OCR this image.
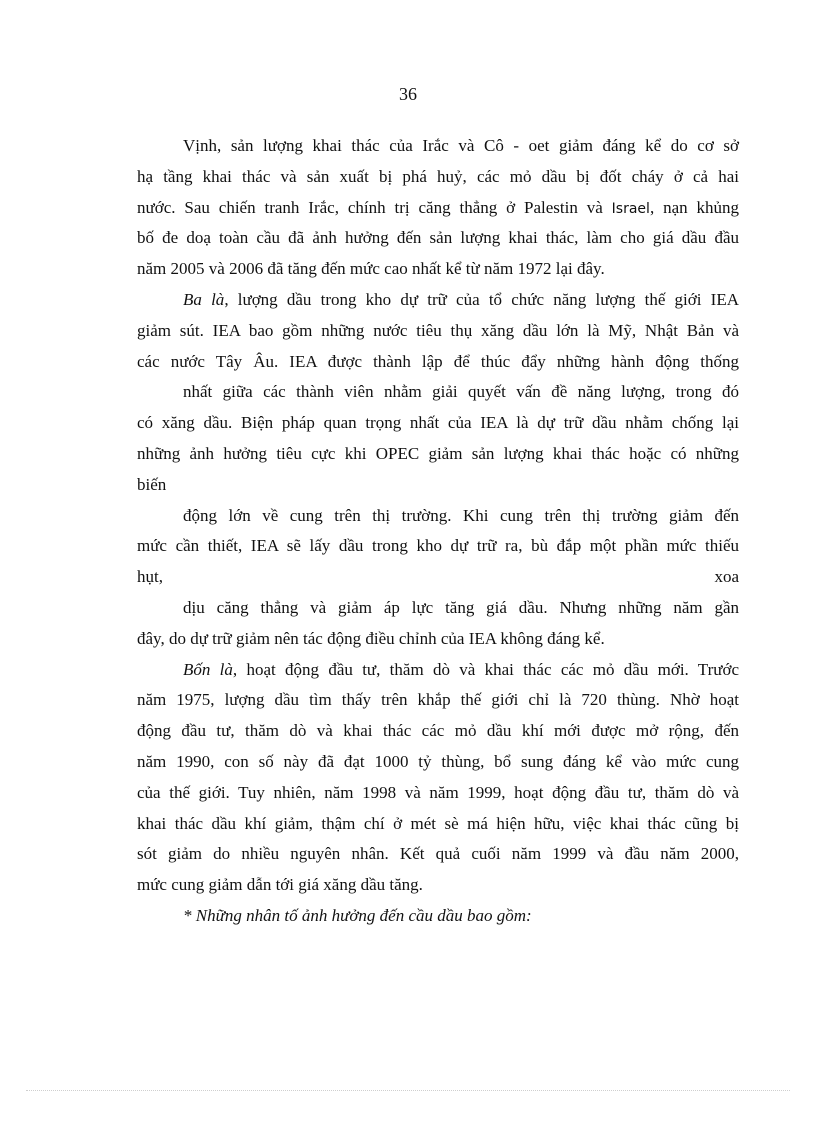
36
Vịnh, sản lượng khai thác của Irắc và Cô - oet giảm đáng kể do cơ sở
hạ tầng khai thác và sản xuất bị phá huỷ, các mỏ dầu bị đốt cháy ở cả hai
nước. Sau chiến tranh Irắc, chính trị căng thẳng ở Palestin và Israel, nạn khủng
bố đe doạ toàn cầu đã ảnh hưởng đến sản lượng khai thác, làm cho giá dầu đầu
năm 2005 và 2006 đã tăng đến mức cao nhất kể từ năm 1972 lại đây.
Ba là, lượng dầu trong kho dự trữ của tổ chức năng lượng thế giới IEA
giảm sút. IEA bao gồm những nước tiêu thụ xăng dầu lớn là Mỹ, Nhật Bản và
các nước Tây Âu. IEA được thành lập để thúc đẩy những hành động thống
nhất giữa các thành viên nhằm giải quyết vấn đề năng lượng, trong đó
có xăng dầu. Biện pháp quan trọng nhất của IEA là dự trữ dầu nhằm chống lại
những ảnh hưởng tiêu cực khi OPEC giảm sản lượng khai thác hoặc có những
biến
động lớn về cung trên thị trường. Khi cung trên thị trường giảm đến
mức cần thiết, IEA sẽ lấy dầu trong kho dự trữ ra, bù đắp một phần mức thiếu
hụt,	xoa
dịu căng thẳng và giảm áp lực tăng giá dầu. Nhưng những năm gần
đây, do dự trữ giảm nên tác động điều chỉnh của IEA không đáng kể.
Bốn là, hoạt động đầu tư, thăm dò và khai thác các mỏ dầu mới. Trước
năm 1975, lượng dầu tìm thấy trên khắp thế giới chỉ là 720 thùng. Nhờ hoạt
động đầu tư, thăm dò và khai thác các mỏ dầu khí mới được mở rộng, đến
năm 1990, con số này đã đạt 1000 tỷ thùng, bổ sung đáng kể vào mức cung
của thế giới. Tuy nhiên, năm 1998 và năm 1999, hoạt động đầu tư, thăm dò và
khai thác dầu khí giảm, thậm chí ở mét sè má hiện hữu, việc khai thác cũng bị
sót giảm do nhiều nguyên nhân. Kết quả cuối năm 1999 và đầu năm 2000,
mức cung giảm dẫn tới giá xăng dầu tăng.
* Những nhân tố ảnh hưởng đến cầu dầu bao gồm:
